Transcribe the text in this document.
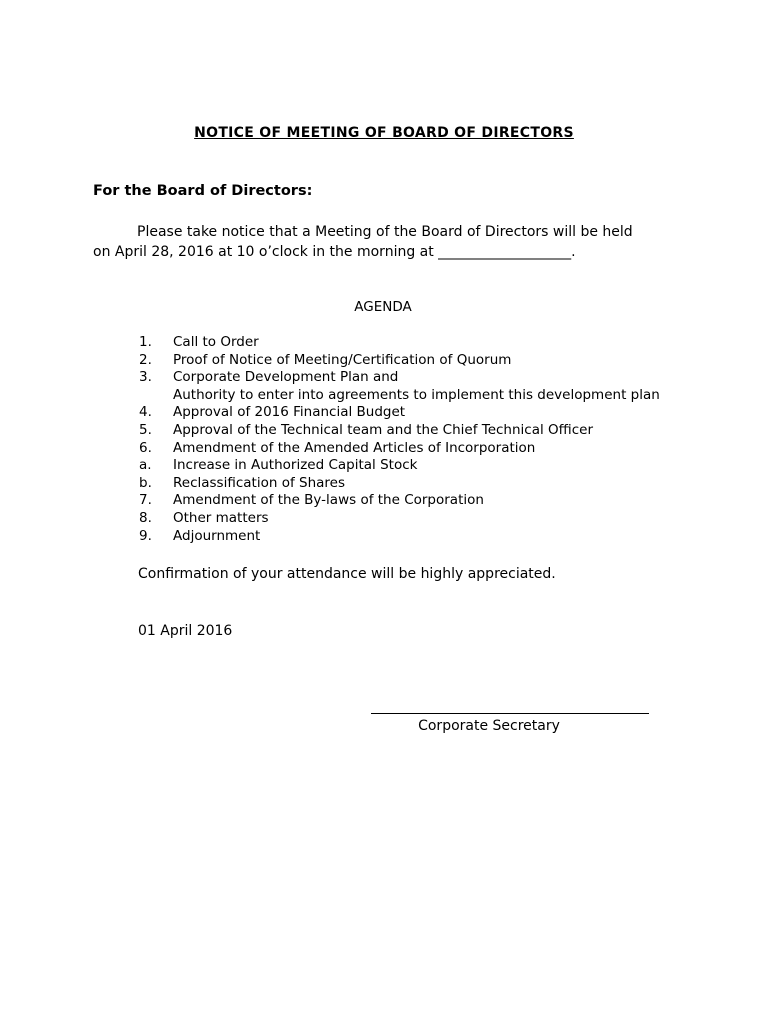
NOTICE OF MEETING OF BOARD OF DIRECTORS
For the Board of Directors:
Please take notice that a Meeting of the Board of Directors will be held
on April 28, 2016 at 10 o’clock in the morning at ___________________.
AGENDA
1.	Call to Order
2.	Proof of Notice of Meeting/Certification of Quorum
3.	Corporate Development Plan and
Authority to enter into agreements to implement this development plan
4.	Approval of 2016 Financial Budget
5.	Approval of the Technical team and the Chief Technical Officer
6.	Amendment of the Amended Articles of Incorporation
a.	Increase in Authorized Capital Stock
b.	Reclassification of Shares
7.	Amendment of the By-laws of the Corporation
8.	Other matters
9.	Adjournment
Confirmation of your attendance will be highly appreciated.
01 April 2016
Corporate Secretary
